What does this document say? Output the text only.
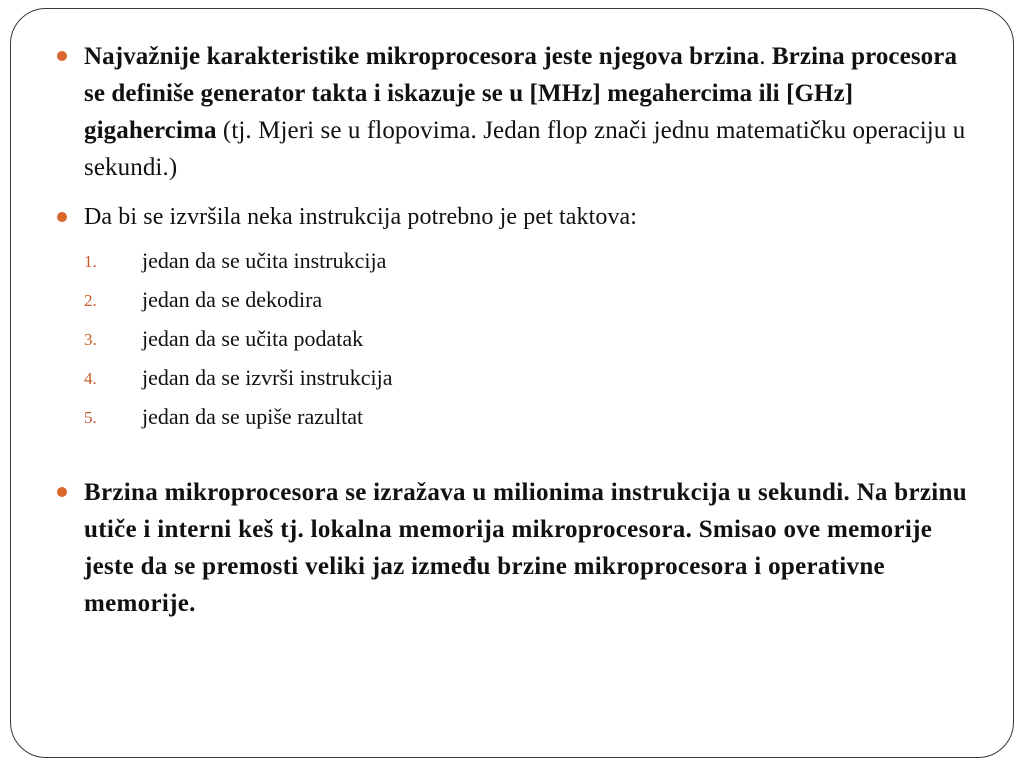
Najvažnije karakteristike mikroprocesora jeste njegova brzina. Brzina procesora se definiše generator takta i iskazuje se u [MHz] megahercima ili [GHz] gigahercima (tj. Mjeri se u flopovima. Jedan flop znači jednu matematičku operaciju u sekundi.)
Da bi se izvršila neka instrukcija potrebno je pet taktova:
1. jedan da se učita instrukcija
2. jedan da se dekodira
3. jedan da se učita podatak
4. jedan da se izvrši instrukcija
5. jedan da se upiše razultat
Brzina mikroprocesora se izražava u milionima instrukcija u sekundi. Na brzinu utiče i interni keš tj. lokalna memorija mikroprocesora. Smisao ove memorije jeste da se premosti veliki jaz između brzine mikroprocesora i operativne memorije.
